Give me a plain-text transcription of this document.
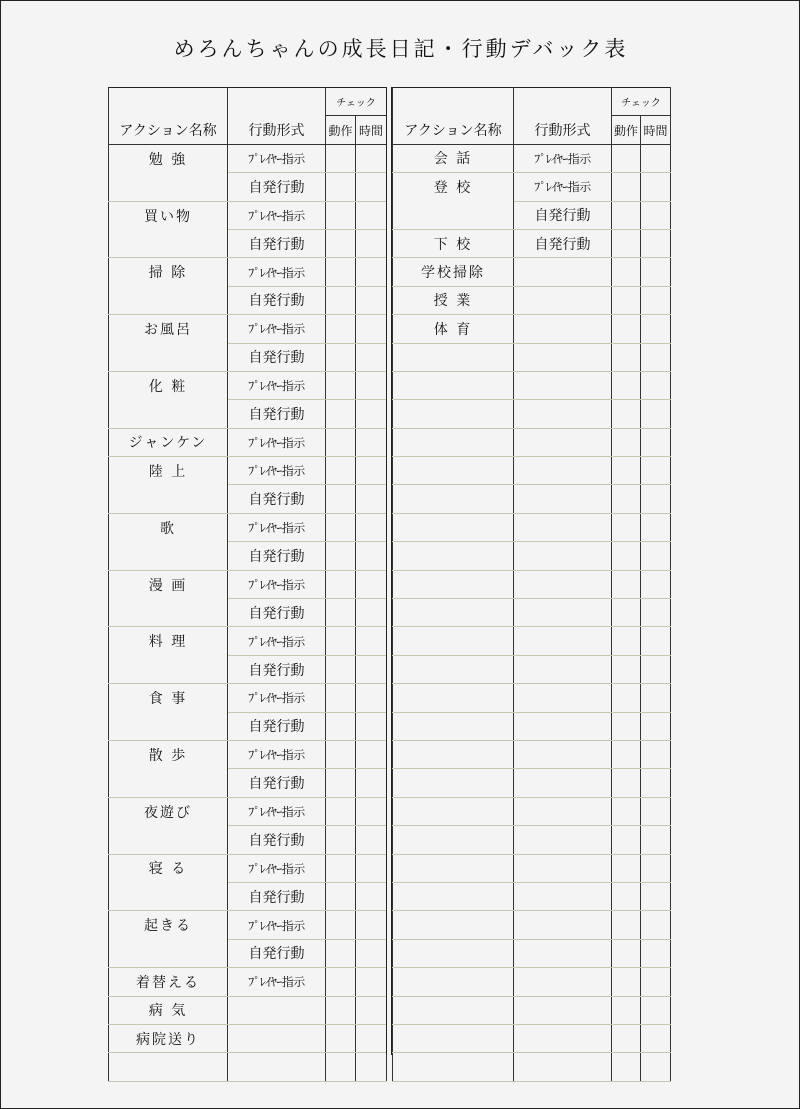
めろんちゃんの成長日記・行動デバック表
		チェック	
アクション名称	行動形式	動作	時間
勉 強	ﾌﾟﾚｲﾔｰ指示		
	自発行動		
買い物	ﾌﾟﾚｲﾔｰ指示		
	自発行動		
掃 除	ﾌﾟﾚｲﾔｰ指示		
	自発行動		
お風呂	ﾌﾟﾚｲﾔｰ指示		
	自発行動		
化 粧	ﾌﾟﾚｲﾔｰ指示		
	自発行動		
ジャンケン	ﾌﾟﾚｲﾔｰ指示		
陸 上	ﾌﾟﾚｲﾔｰ指示		
	自発行動		
歌	ﾌﾟﾚｲﾔｰ指示		
	自発行動		
漫 画	ﾌﾟﾚｲﾔｰ指示		
	自発行動		
料 理	ﾌﾟﾚｲﾔｰ指示		
	自発行動		
食 事	ﾌﾟﾚｲﾔｰ指示		
	自発行動		
散 歩	ﾌﾟﾚｲﾔｰ指示		
	自発行動		
夜遊び	ﾌﾟﾚｲﾔｰ指示		
	自発行動		
寝 る	ﾌﾟﾚｲﾔｰ指示		
	自発行動		
起きる	ﾌﾟﾚｲﾔｰ指示		
	自発行動		
着替える	ﾌﾟﾚｲﾔｰ指示		
病 気			
病院送り			

		チェック	
アクション名称	行動形式	動作	時間
会 話	ﾌﾟﾚｲﾔｰ指示		
登 校	ﾌﾟﾚｲﾔｰ指示		
	自発行動		
下 校	自発行動		
学校掃除			
授 業			
体 育			
